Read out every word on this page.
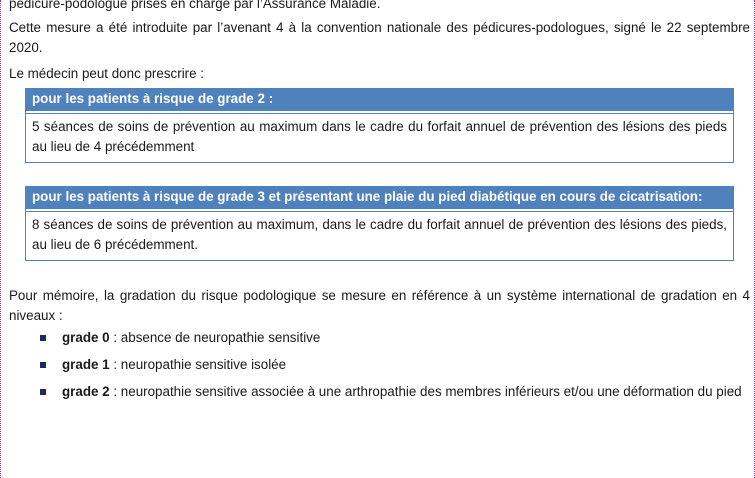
pédicure-podologue prises en charge par l’Assurance Maladie.

Cette mesure a été introduite par l’avenant 4 à la convention nationale des pédicures-podologues, signé le 22 septembre 2020.

Le médecin peut donc prescrire :

pour les patients à risque de grade 2 :
5 séances de soins de prévention au maximum dans le cadre du forfait annuel de prévention des lésions des pieds au lieu de 4 précédemment
pour les patients à risque de grade 3 et présentant une plaie du pied diabétique en cours de cicatrisation:
8 séances de soins de prévention au maximum, dans le cadre du forfait annuel de prévention des lésions des pieds, au lieu de 6 précédemment.

Pour mémoire, la gradation du risque podologique se mesure en référence à un système international de gradation en 4 niveaux :

grade 0 : absence de neuropathie sensitive
grade 1 : neuropathie sensitive isolée
grade 2 : neuropathie sensitive associée à une arthropathie des membres inférieurs et/ou une déformation du pied
